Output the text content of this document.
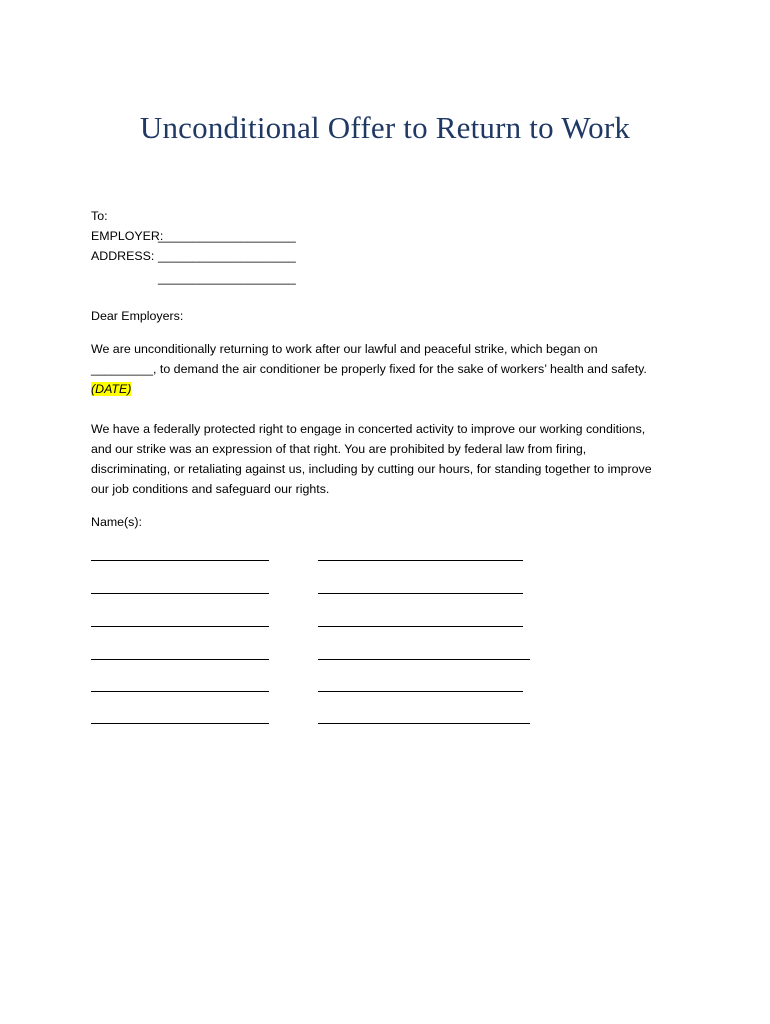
Unconditional Offer to Return to Work
To:
EMPLOYER:
____________________
ADDRESS: ____________________
____________________
Dear Employers:

We are unconditionally returning to work after our lawful and peaceful strike, which began on

_________, to demand the air conditioner be properly fixed for the sake of workers’ health and safety.

(DATE)

We have a federally protected right to engage in concerted activity to improve our working conditions,

and our strike was an expression of that right. You are prohibited by federal law from firing,

discriminating, or retaliating against us, including by cutting our hours, for standing together to improve

our job conditions and safeguard our rights.

Name(s):
